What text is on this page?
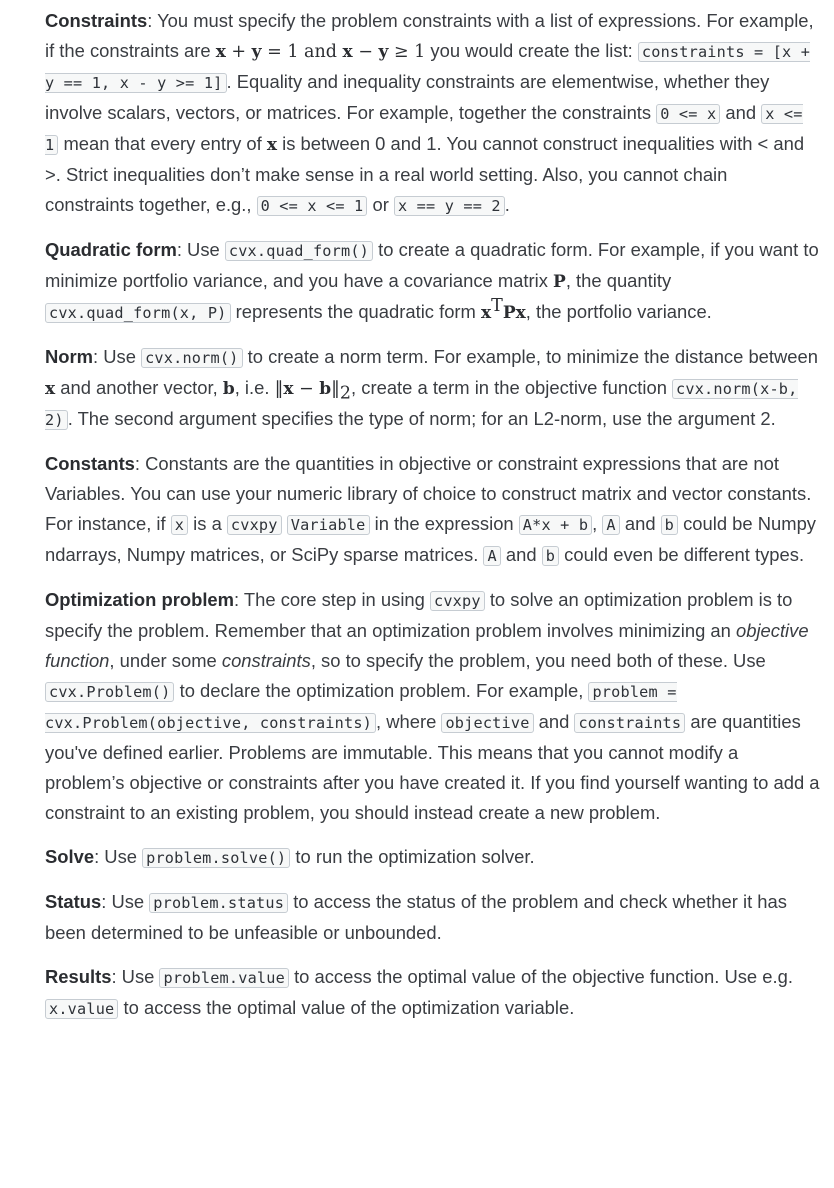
Constraints: You must specify the problem constraints with a list of expressions. For example, if the constraints are x + y = 1 and x − y ≥ 1 you would create the list: constraints = [x + y == 1, x - y >= 1] . Equality and inequality constraints are elementwise, whether they involve scalars, vectors, or matrices. For example, together the constraints 0 <= x and x <= 1 mean that every entry of x is between 0 and 1. You cannot construct inequalities with < and >. Strict inequalities don’t make sense in a real world setting. Also, you cannot chain constraints together, e.g., 0 <= x <= 1 or x == y == 2 .

Quadratic form: Use cvx.quad_form() to create a quadratic form. For example, if you want to minimize portfolio variance, and you have a covariance matrix P, the quantity cvx.quad_form(x, P) represents the quadratic form $x^TPx$, the portfolio variance.

Norm: Use cvx.norm() to create a norm term. For example, to minimize the distance between x and another vector, b, i.e. ‖x − $b‖_2$, create a term in the objective function cvx.norm(x-b, 2) . The second argument specifies the type of norm; for an L2-norm, use the argument 2.

Constants: Constants are the quantities in objective or constraint expressions that are not Variables. You can use your numeric library of choice to construct matrix and vector constants. For instance, if x is a cvxpy Variable in the expression A*x + b , A and b could be Numpy ndarrays, Numpy matrices, or SciPy sparse matrices. A and b could even be different types.

Optimization problem: The core step in using cvxpy to solve an optimization problem is to specify the problem. Remember that an optimization problem involves minimizing an objective function, under some constraints, so to specify the problem, you need both of these. Use cvx.Problem() to declare the optimization problem. For example, problem = cvx.Problem(objective, constraints) , where objective and constraints are quantities you've defined earlier. Problems are immutable. This means that you cannot modify a problem’s objective or constraints after you have created it. If you find yourself wanting to add a constraint to an existing problem, you should instead create a new problem.

Solve: Use problem.solve() to run the optimization solver.

Status: Use problem.status to access the status of the problem and check whether it has been determined to be unfeasible or unbounded.

Results: Use problem.value to access the optimal value of the objective function. Use e.g. x.value to access the optimal value of the optimization variable.
